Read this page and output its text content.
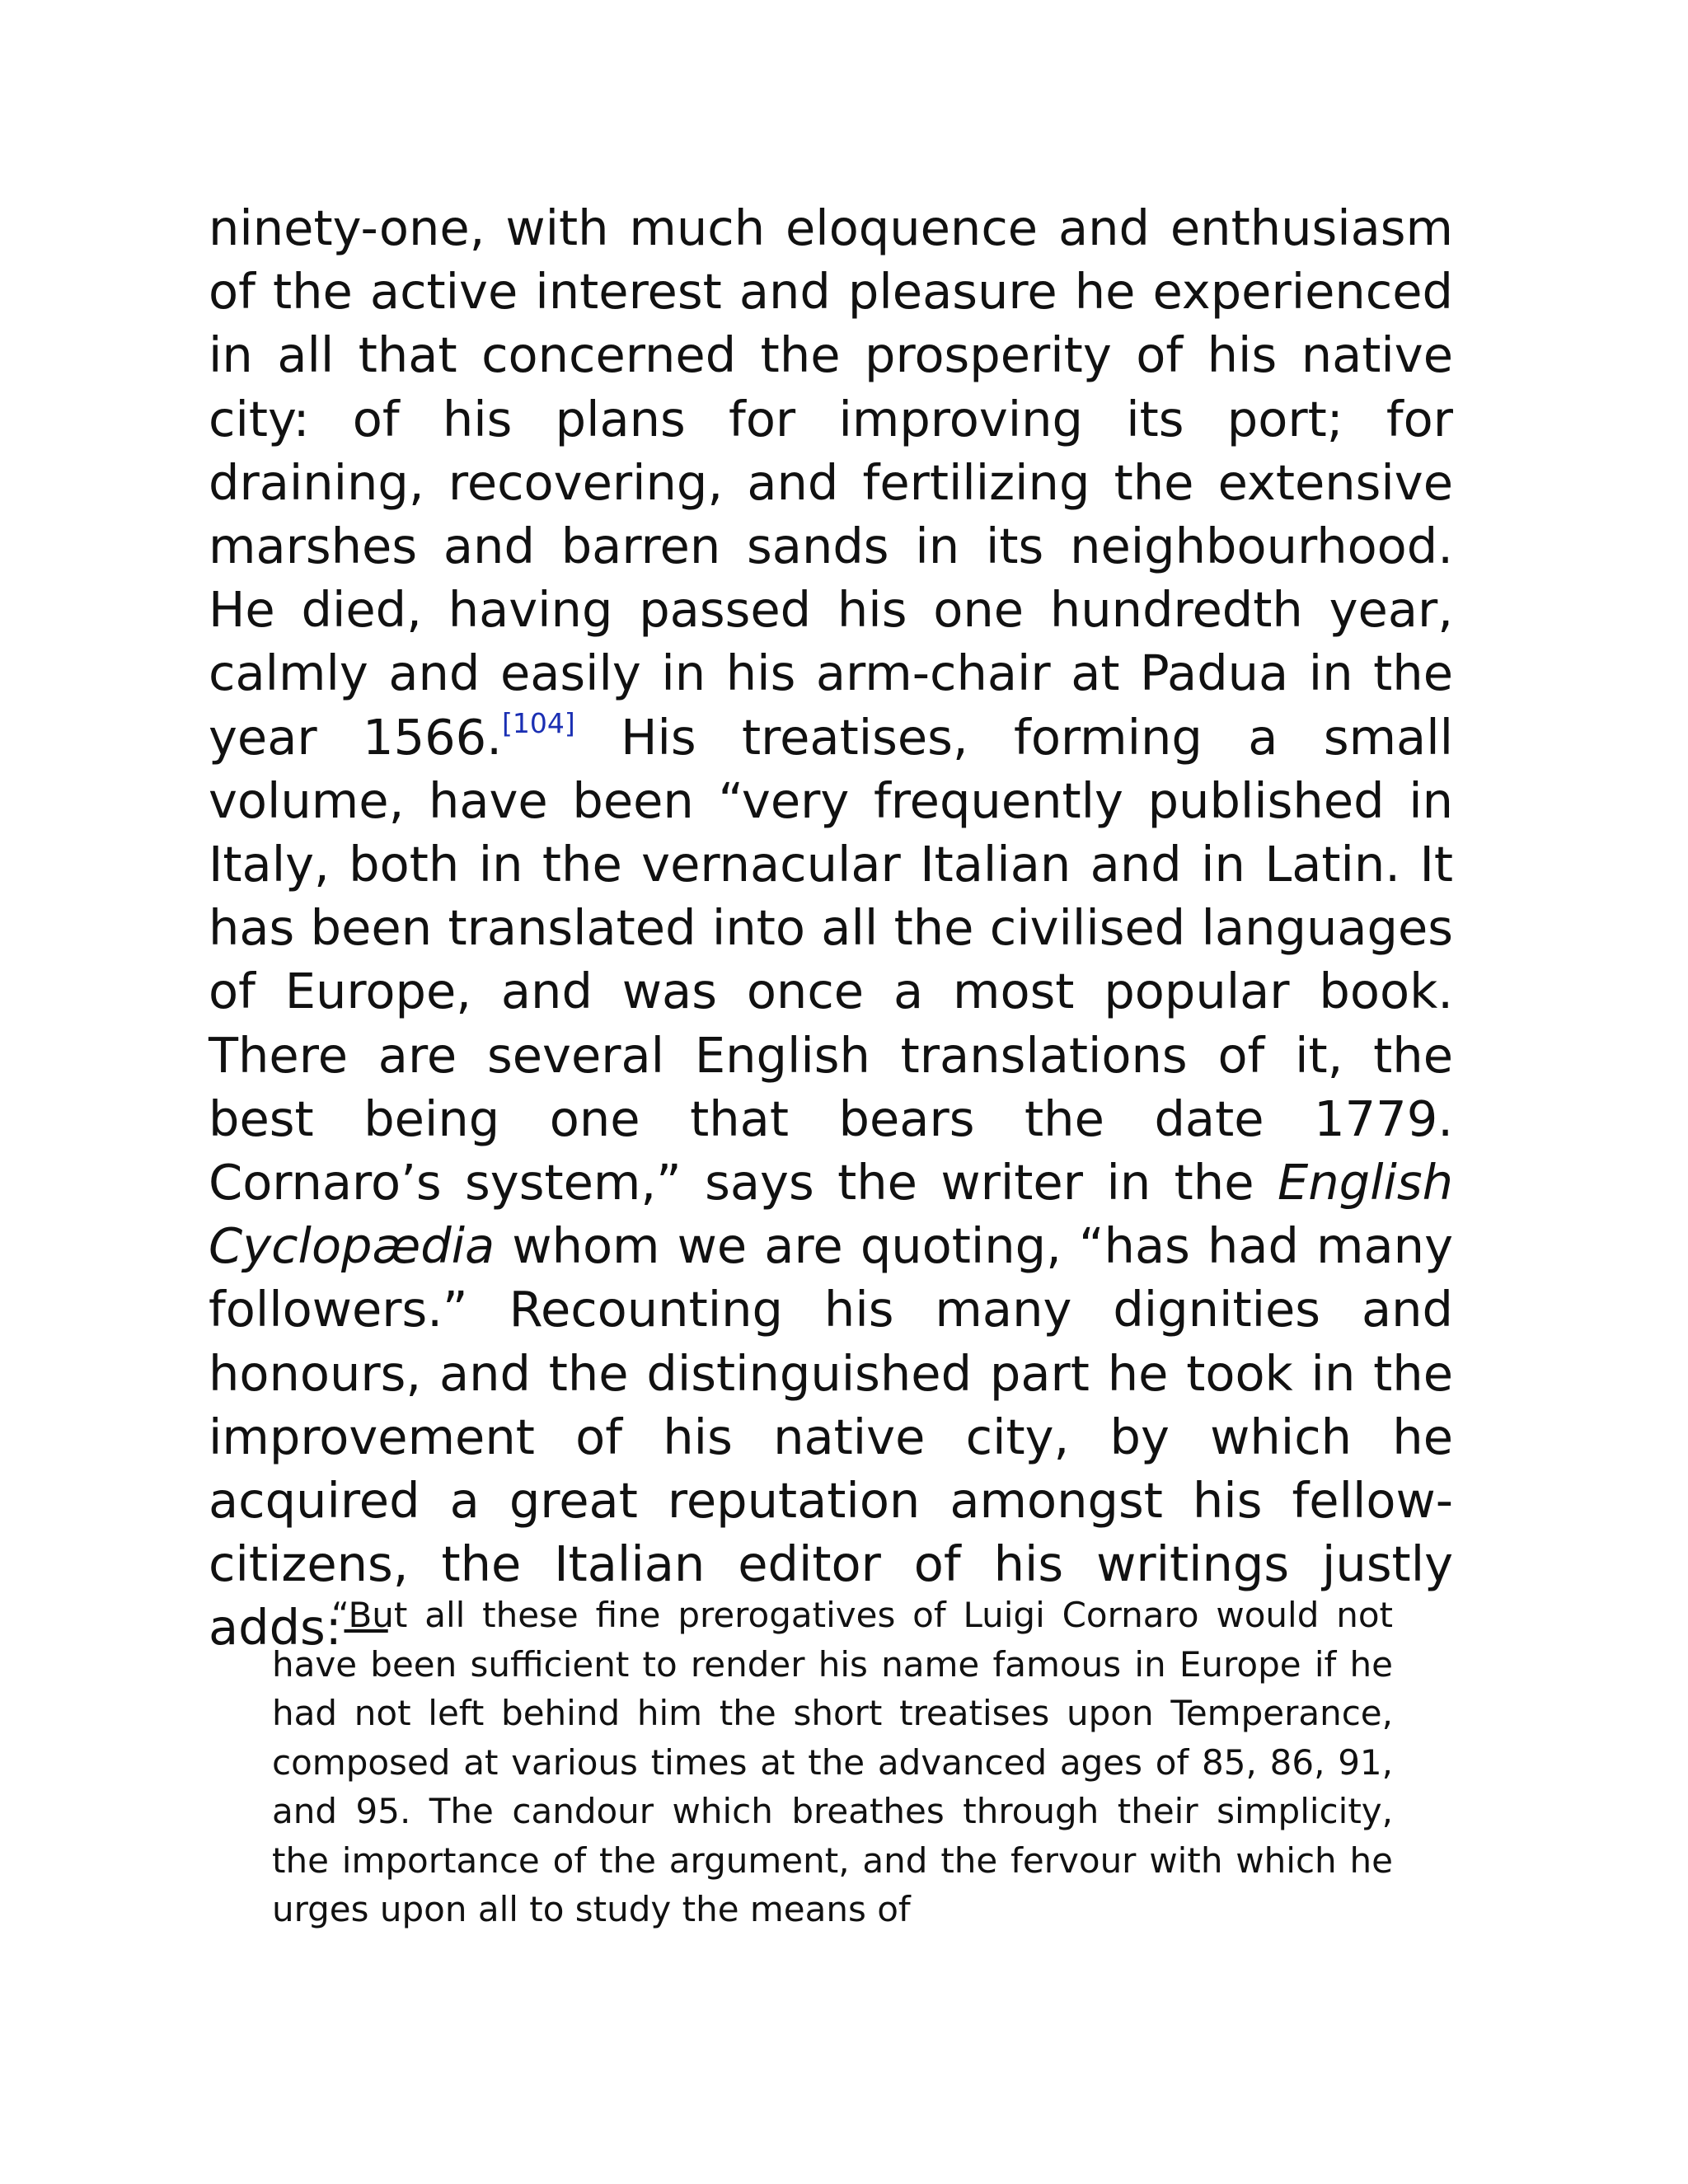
ninety-one, with much eloquence and enthusiasm of the active interest and pleasure he experienced in all that concerned the prosperity of his native city: of his plans for improving its port; for draining, recovering, and fertilizing the extensive marshes and barren sands in its neighbourhood. He died, having passed his one hundredth year, calmly and easily in his arm-chair at Padua in the year 1566.[104] His treatises, forming a small volume, have been “very frequently published in Italy, both in the vernacular Italian and in Latin. It has been translated into all the civilised languages of Europe, and was once a most popular book. There are several English translations of it, the best being one that bears the date 1779. Cornaro’s system,” says the writer in the English Cyclopædia whom we are quoting, “has had many followers.” Recounting his many dignities and honours, and the distinguished part he took in the improvement of his native city, by which he acquired a great reputation amongst his fellow-citizens, the Italian editor of his writings justly adds:—

“But all these fine prerogatives of Luigi Cornaro would not have been sufficient to render his name famous in Europe if he had not left behind him the short treatises upon Temperance, composed at various times at the advanced ages of 85, 86, 91, and 95. The candour which breathes through their simplicity, the importance of the argument, and the fervour with which he urges upon all to study the means of
